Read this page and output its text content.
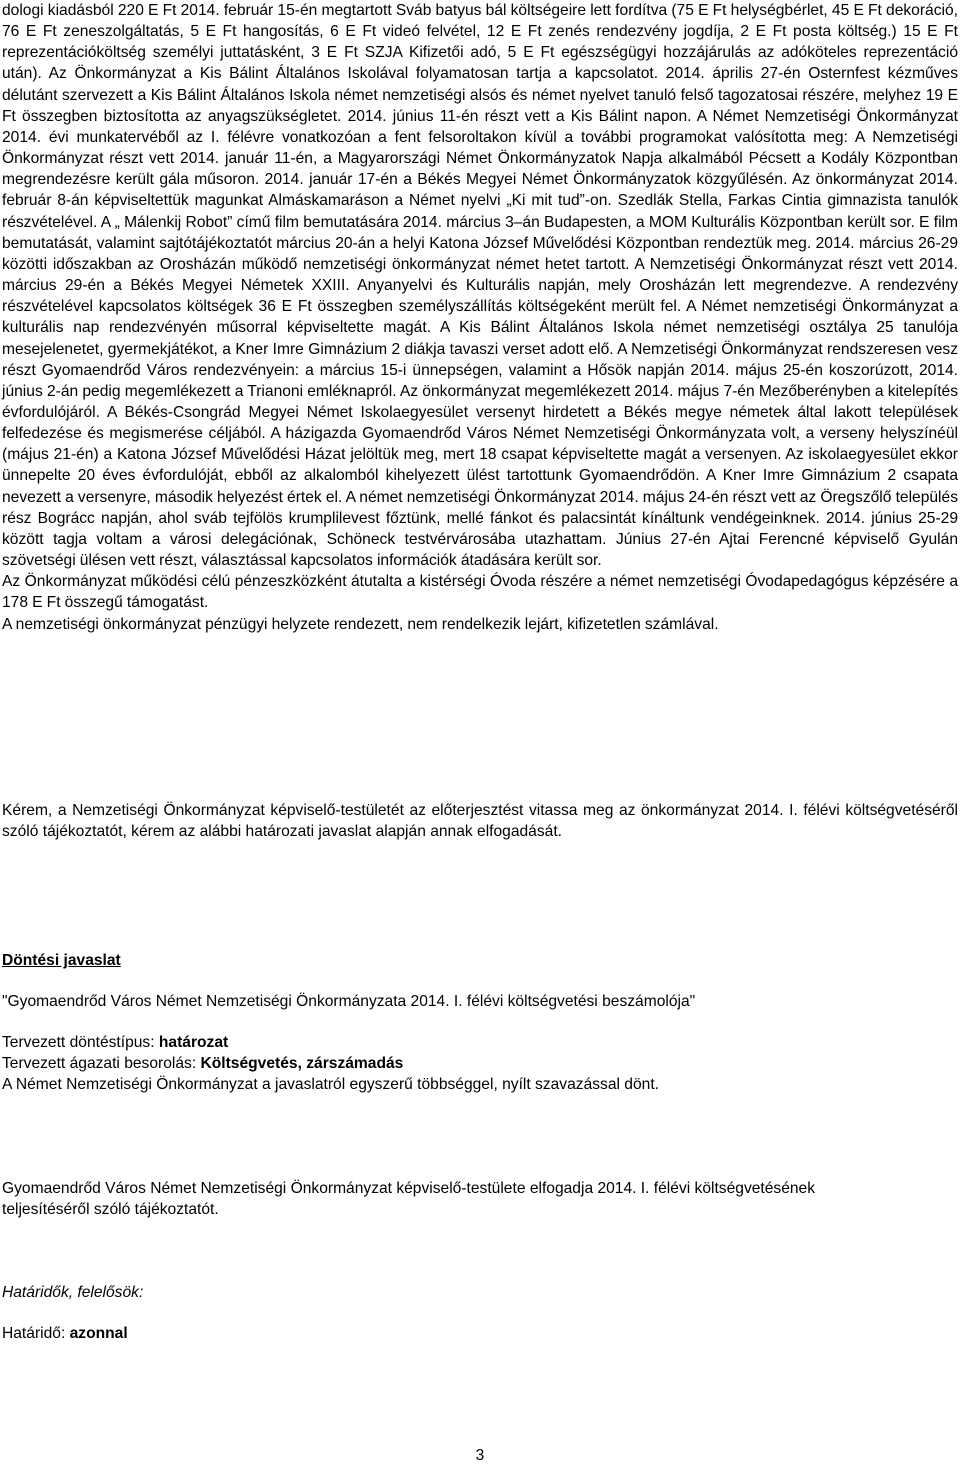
dologi kiadásból 220 E Ft 2014. február 15-én megtartott Sváb batyus bál költségeire lett fordítva (75 E Ft helységbérlet, 45 E Ft dekoráció, 76 E Ft zeneszolgáltatás, 5 E Ft hangosítás, 6 E Ft videó felvétel, 12 E Ft zenés rendezvény jogdíja, 2 E Ft posta költség.) 15 E Ft reprezentációköltség személyi juttatásként, 3 E Ft SZJA Kifizetői adó, 5 E Ft egészségügyi hozzájárulás az adóköteles reprezentáció után). Az Önkormányzat a Kis Bálint Általános Iskolával folyamatosan tartja a kapcsolatot. 2014. április 27-én Osternfest kézműves délutánt szervezett a Kis Bálint Általános Iskola német nemzetiségi alsós és német nyelvet tanuló felső tagozatosai részére, melyhez 19 E Ft összegben biztosította az anyagszükségletet. 2014. június 11-én részt vett a Kis Bálint napon. A Német Nemzetiségi Önkormányzat 2014. évi munkatervéből az I. félévre vonatkozóan a fent felsoroltakon kívül a további programokat valósította meg: A Nemzetiségi Önkormányzat részt vett 2014. január 11-én, a Magyarországi Német Önkormányzatok Napja alkalmából Pécsett a Kodály Központban megrendezésre került gála műsoron. 2014. január 17-én a Békés Megyei Német Önkormányzatok közgyűlésén. Az önkormányzat 2014. február 8-án képviseltettük magunkat Almáskamaráson a Német nyelvi „Ki mit tud”-on. Szedlák Stella, Farkas Cintia gimnazista tanulók részvételével. A „ Málenkij Robot” című film bemutatására 2014. március 3–án Budapesten, a MOM Kulturális Központban került sor. E film bemutatását, valamint sajtótájékoztatót március 20-án a helyi Katona József Művelődési Központban rendeztük meg. 2014. március 26-29 közötti időszakban az Orosházán működő nemzetiségi önkormányzat német hetet tartott. A Nemzetiségi Önkormányzat részt vett 2014. március 29-én a Békés Megyei Németek XXIII. Anyanyelvi és Kulturális napján, mely Orosházán lett megrendezve. A rendezvény részvételével kapcsolatos költségek 36 E Ft összegben személyszállítás költségeként merült fel. A Német nemzetiségi Önkormányzat a kulturális nap rendezvényén műsorral képviseltette magát. A Kis Bálint Általános Iskola német nemzetiségi osztálya 25 tanulója mesejelenetet, gyermekjátékot, a Kner Imre Gimnázium 2 diákja tavaszi verset adott elő. A Nemzetiségi Önkormányzat rendszeresen vesz részt Gyomaendrőd Város rendezvényein: a március 15-i ünnepségen, valamint a Hősök napján 2014. május 25-én koszorúzott, 2014. június 2-án pedig megemlékezett a Trianoni emléknapról. Az önkormányzat megemlékezett 2014. május 7-én Mezőberényben a kitelepítés évfordulójáról. A Békés-Csongrád Megyei Német Iskolaegyesület versenyt hirdetett a Békés megye németek által lakott települések felfedezése és megismerése céljából. A házigazda Gyomaendrőd Város Német Nemzetiségi Önkormányzata volt, a verseny helyszínéül (május 21-én) a Katona József Művelődési Házat jelöltük meg, mert 18 csapat képviseltette magát a versenyen. Az iskolaegyesület ekkor ünnepelte 20 éves évfordulóját, ebből az alkalomból kihelyezett ülést tartottunk Gyomaendrődön. A Kner Imre Gimnázium 2 csapata nevezett a versenyre, második helyezést értek el. A német nemzetiségi Önkormányzat 2014. május 24-én részt vett az Öregszőlő település rész Bográcс napján, ahol sváb tejfölös krumplilevest főztünk, mellé fánkot és palacsintát kínáltunk vendégeinknek. 2014. június 25-29 között tagja voltam a városi delegációnak, Schöneck testvérvárosába utazhattam. Június 27-én Ajtai Ferencné képviselő Gyulán szövetségi ülésen vett részt, választással kapcsolatos információk átadására került sor.

Az Önkormányzat működési célú pénzeszközként átutalta a kistérségi Óvoda részére a német nemzetiségi Óvodapedagógus képzésére a 178 E Ft összegű támogatást.

A nemzetiségi önkormányzat pénzügyi helyzete rendezett, nem rendelkezik lejárt, kifizetetlen számlával.

Kérem, a Nemzetiségi Önkormányzat képviselő-testületét az előterjesztést vitassa meg az önkormányzat 2014. I. félévi költségvetéséről szóló tájékoztatót, kérem az alábbi határozati javaslat alapján annak elfogadását.

Döntési javaslat

"Gyomaendrőd Város Német Nemzetiségi Önkormányzata 2014. I. félévi költségvetési beszámolója"

Tervezett döntéstípus: határozat

Tervezett ágazati besorolás: Költségvetés, zárszámadás

A Német Nemzetiségi Önkormányzat a javaslatról egyszerű többséggel, nyílt szavazással dönt.

Gyomaendrőd Város Német Nemzetiségi Önkormányzat képviselő-testülete elfogadja 2014. I. félévi költségvetésének teljesítéséről szóló tájékoztatót.

Határidők, felelősök:

Határidő: azonnal

3
